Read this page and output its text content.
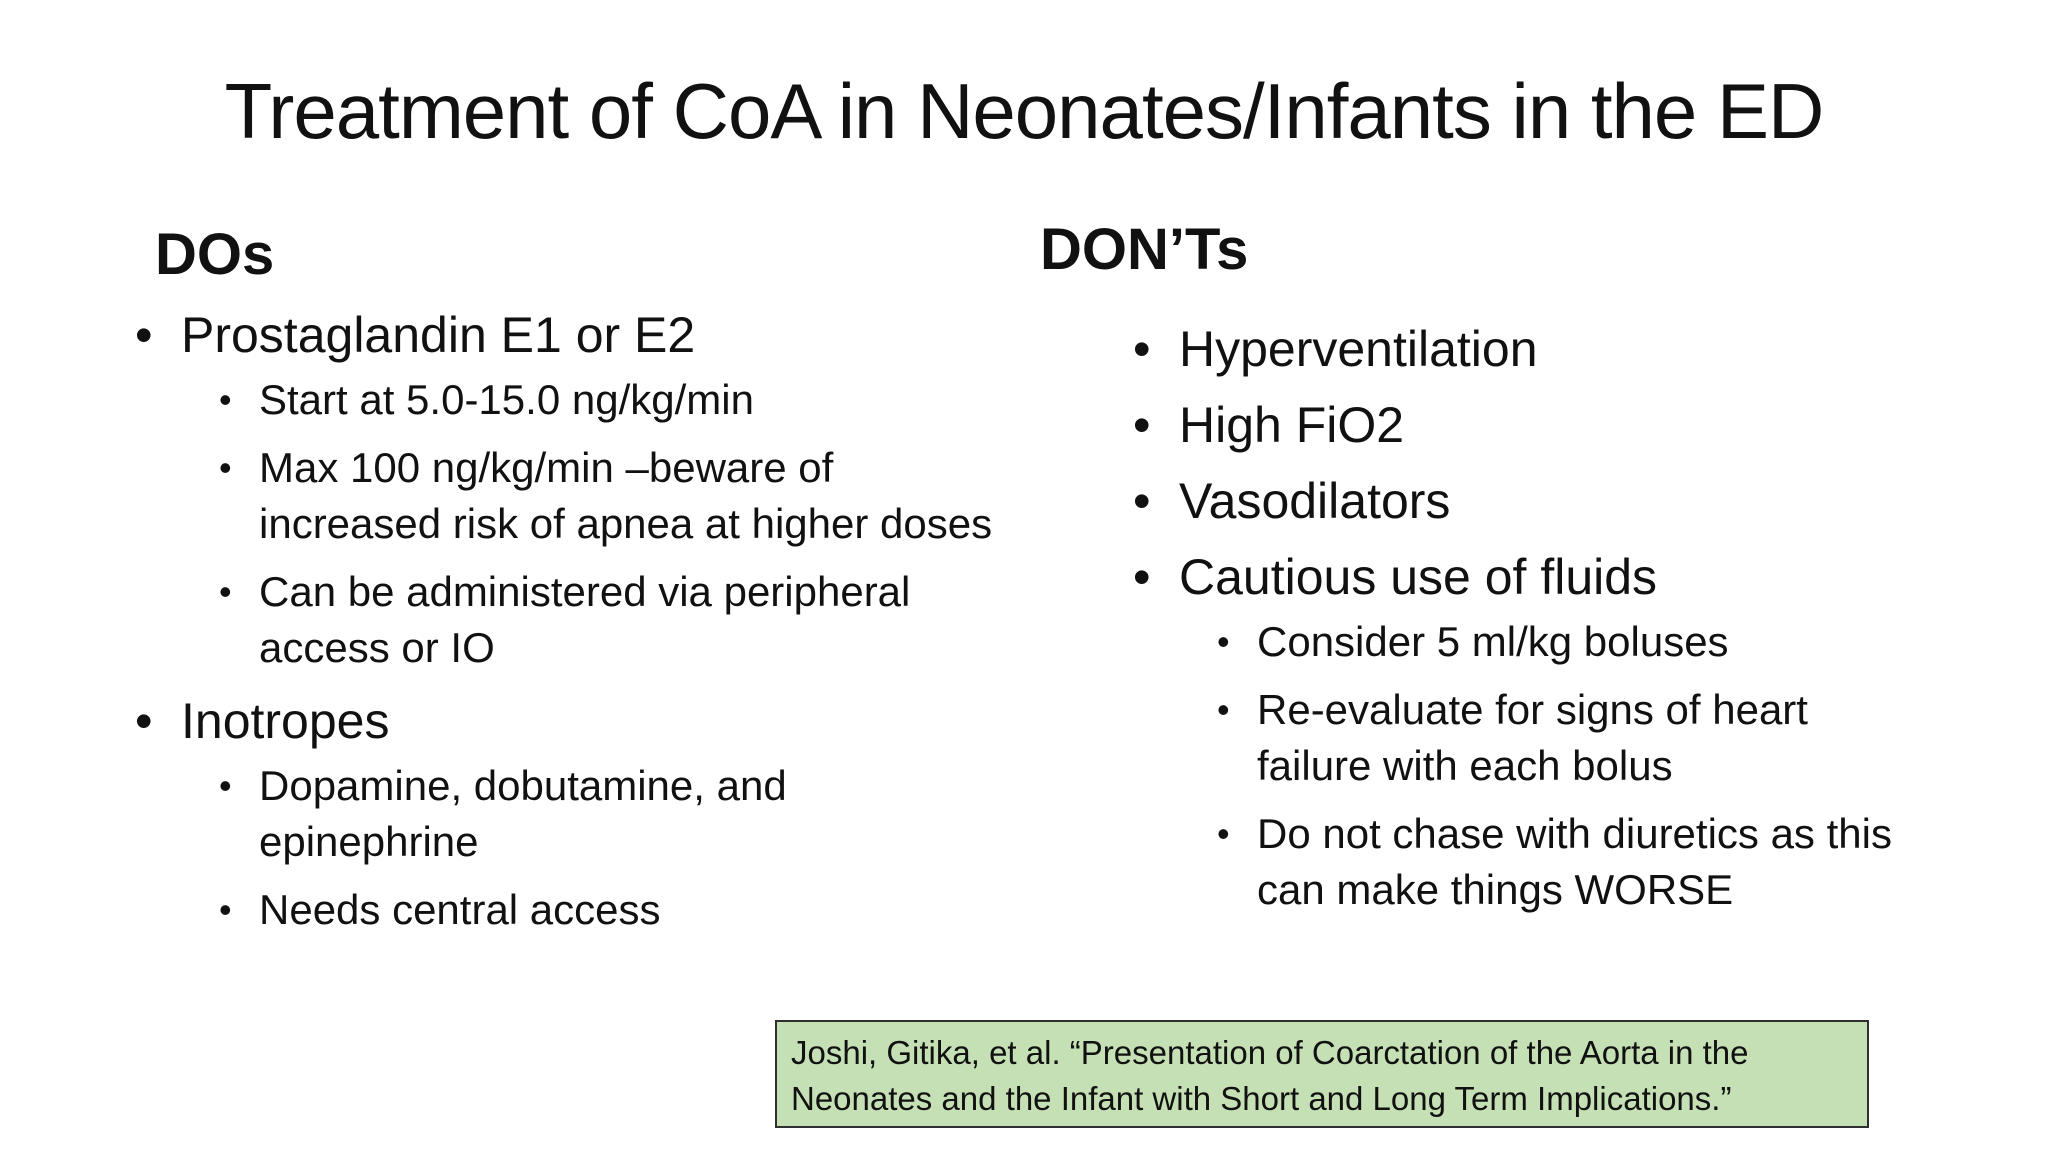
Treatment of CoA in Neonates/Infants in the ED
DOs	DON’Ts
• Prostaglandin E1 or E2
• Start at 5.0-15.0 ng/kg/min
• Max 100 ng/kg/min –beware of increased risk of apnea at higher doses
• Can be administered via peripheral access or IO
• Inotropes
• Dopamine, dobutamine, and epinephrine
• Needs central access
• Hyperventilation
• High FiO2
• Vasodilators
• Cautious use of fluids
• Consider 5 ml/kg boluses
• Re-evaluate for signs of heart failure with each bolus
• Do not chase with diuretics as this can make things WORSE
Joshi, Gitika, et al. “Presentation of Coarctation of the Aorta in the Neonates and the Infant with Short and Long Term Implications.”
